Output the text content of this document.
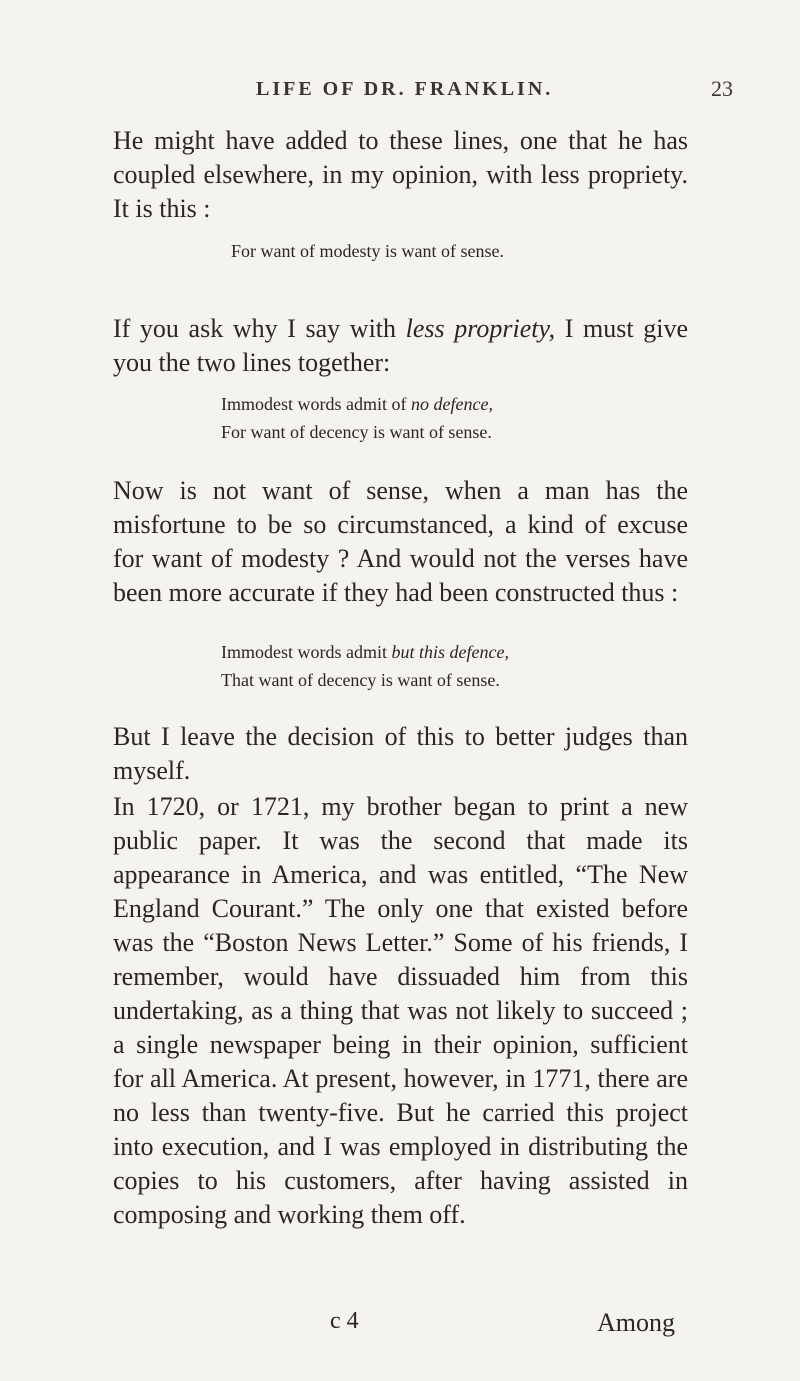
LIFE OF DR. FRANKLIN.	23

He might have added to these lines, one that he has coupled elsewhere, in my opinion, with less propriety. It is this :

For want of modesty is want of sense.

If you ask why I say with less propriety, I must give you the two lines together:

Immodest words admit of no defence,
For want of decency is want of sense.

Now is not want of sense, when a man has the misfortune to be so circumstanced, a kind of excuse for want of modesty ? And would not the verses have been more accurate if they had been constructed thus :

Immodest words admit but this defence,
That want of decency is want of sense.

But I leave the decision of this to better judges than myself.

In 1720, or 1721, my brother began to print a new public paper. It was the second that made its appearance in America, and was entitled, “The New England Courant.” The only one that existed before was the “Boston News Letter.” Some of his friends, I remember, would have dissuaded him from this undertaking, as a thing that was not likely to succeed ; a single newspaper being in their opinion, sufficient for all America. At present, however, in 1771, there are no less than twenty-five. But he carried this project into execution, and I was employed in distributing the copies to his customers, after having assisted in composing and working them off.

c 4	Among
